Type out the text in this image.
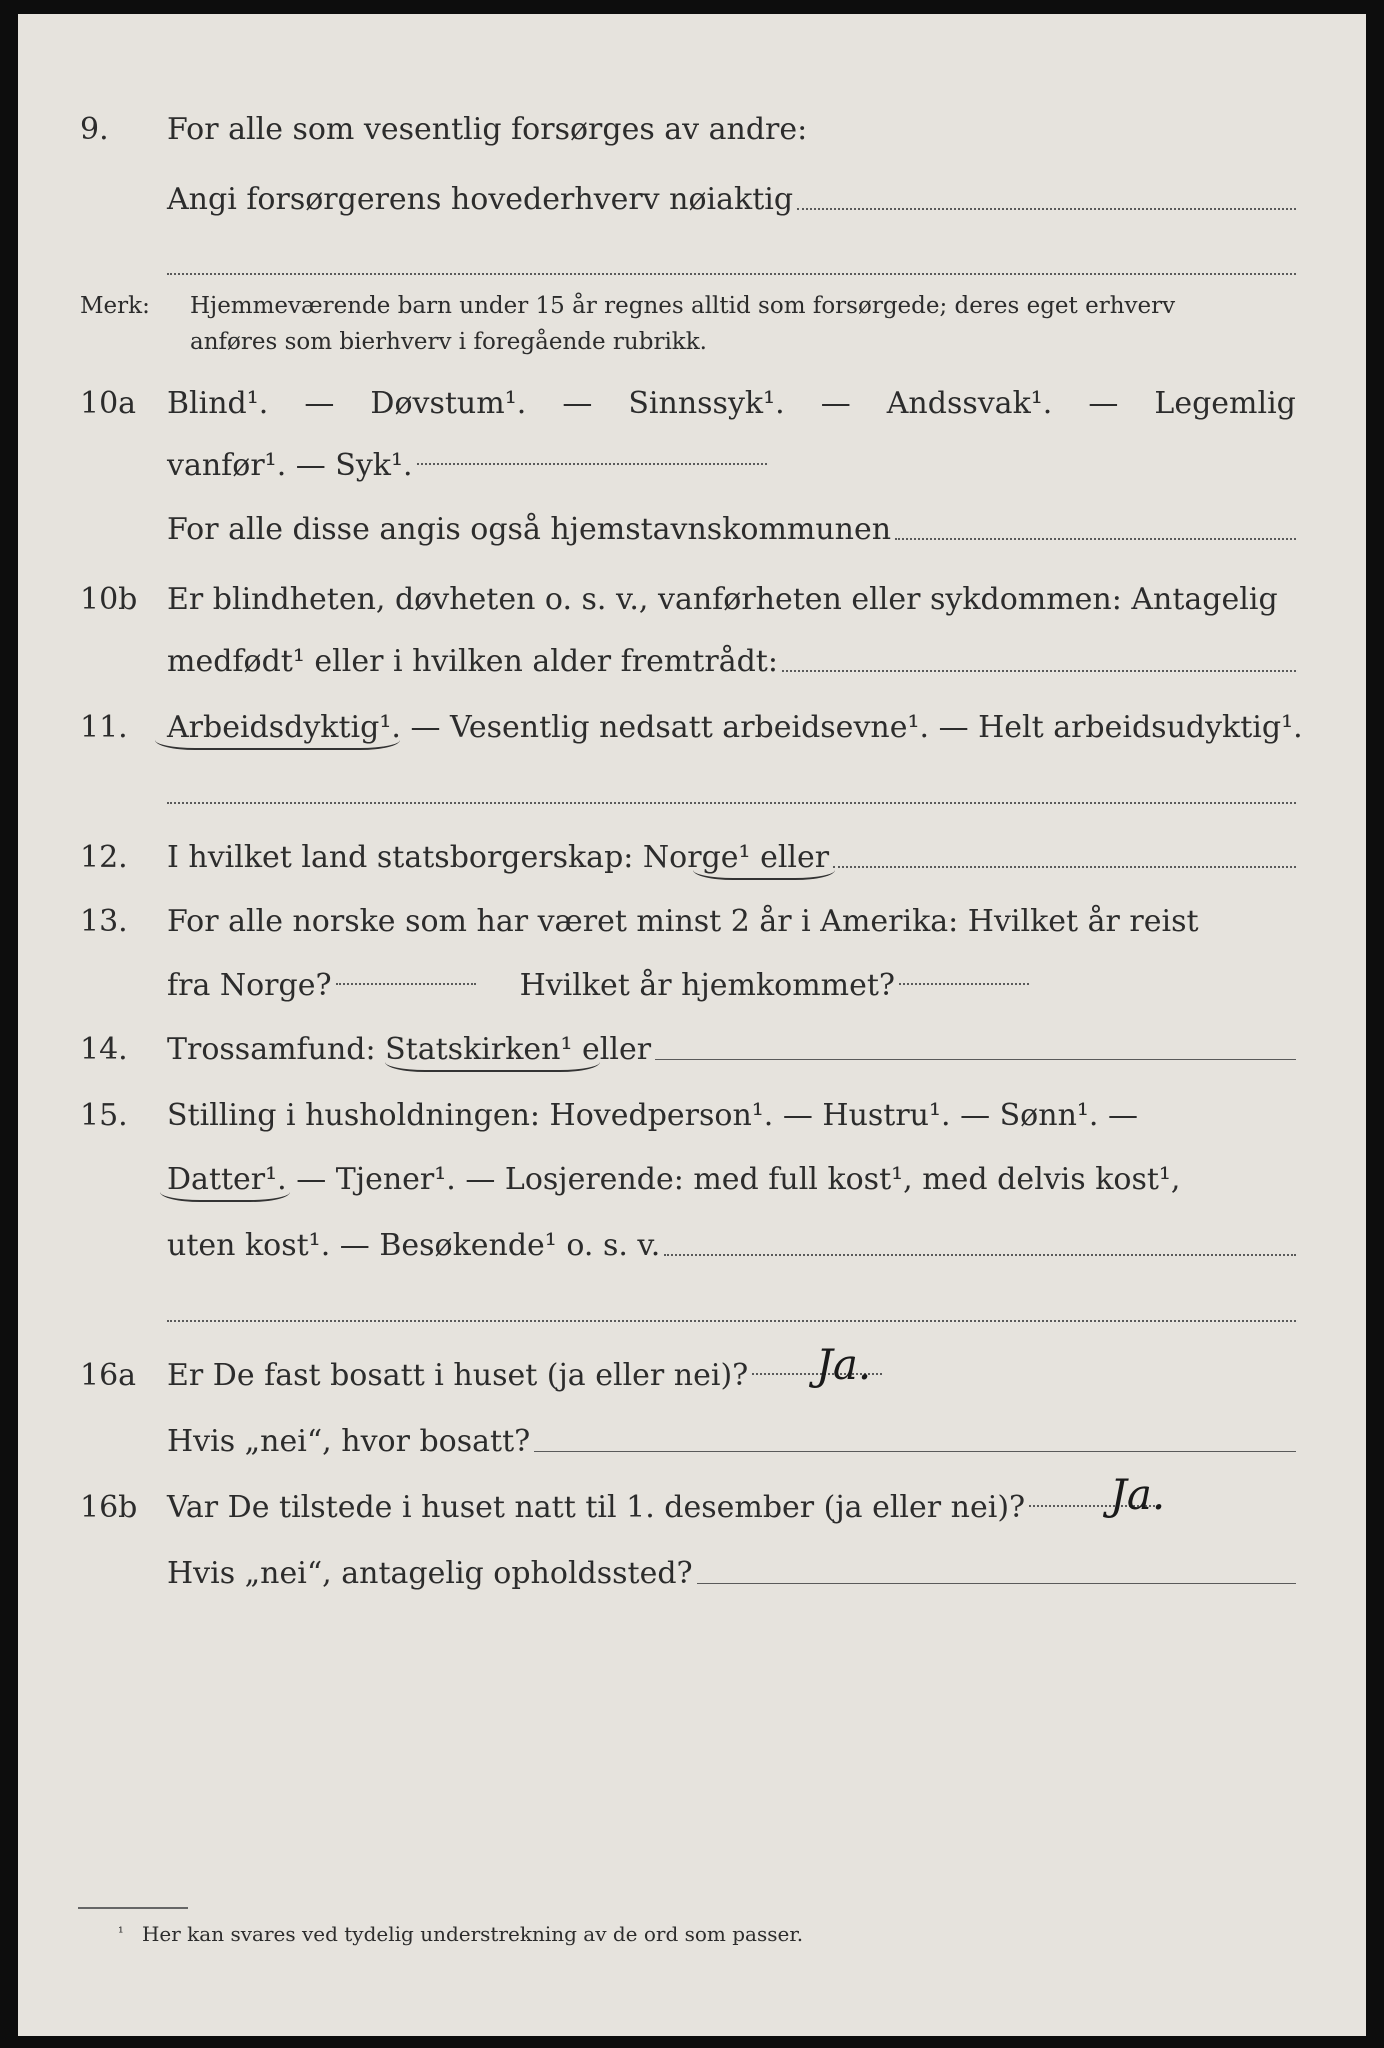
9. For alle som vesentlig forsørges av andre:
Angi forsørgerens hovederhverv nøiaktig
Merk: Hjemmeværende barn under 15 år regnes alltid som forsørgede; deres eget erhverv
anføres som bierhverv i foregående rubrikk.
10a Blind¹. — Døvstum¹. — Sinnssyk¹. — Andssvak¹. — Legemlig
vanfør¹. — Syk¹.
For alle disse angis også hjemstavnskommunen
10b Er blindheten, døvheten o. s. v., vanførheten eller sykdommen: Antagelig
medfødt¹ eller i hvilken alder fremtrådt:
11. Arbeidsdyktig¹. — Vesentlig nedsatt arbeidsevne¹. — Helt arbeidsudyktig¹.
12. I hvilket land statsborgerskap: Norge¹ eller
13. For alle norske som har været minst 2 år i Amerika: Hvilket år reist
fra Norge?	Hvilket år hjemkommet?
14. Trossamfund: Statskirken¹ eller
15. Stilling i husholdningen: Hovedperson¹. — Hustru¹. — Sønn¹. —
Datter¹. — Tjener¹. — Losjerende: med full kost¹, med delvis kost¹,
uten kost¹. — Besøkende¹ o. s. v.
16a Er De fast bosatt i huset (ja eller nei)? Ja.
Hvis „nei“, hvor bosatt?
16b Var De tilstede i huset natt til 1. desember (ja eller nei)? Ja.
Hvis „nei“, antagelig opholdssted?
$^{^1}$ Her kan svares ved tydelig understrekning av de ord som passer.
